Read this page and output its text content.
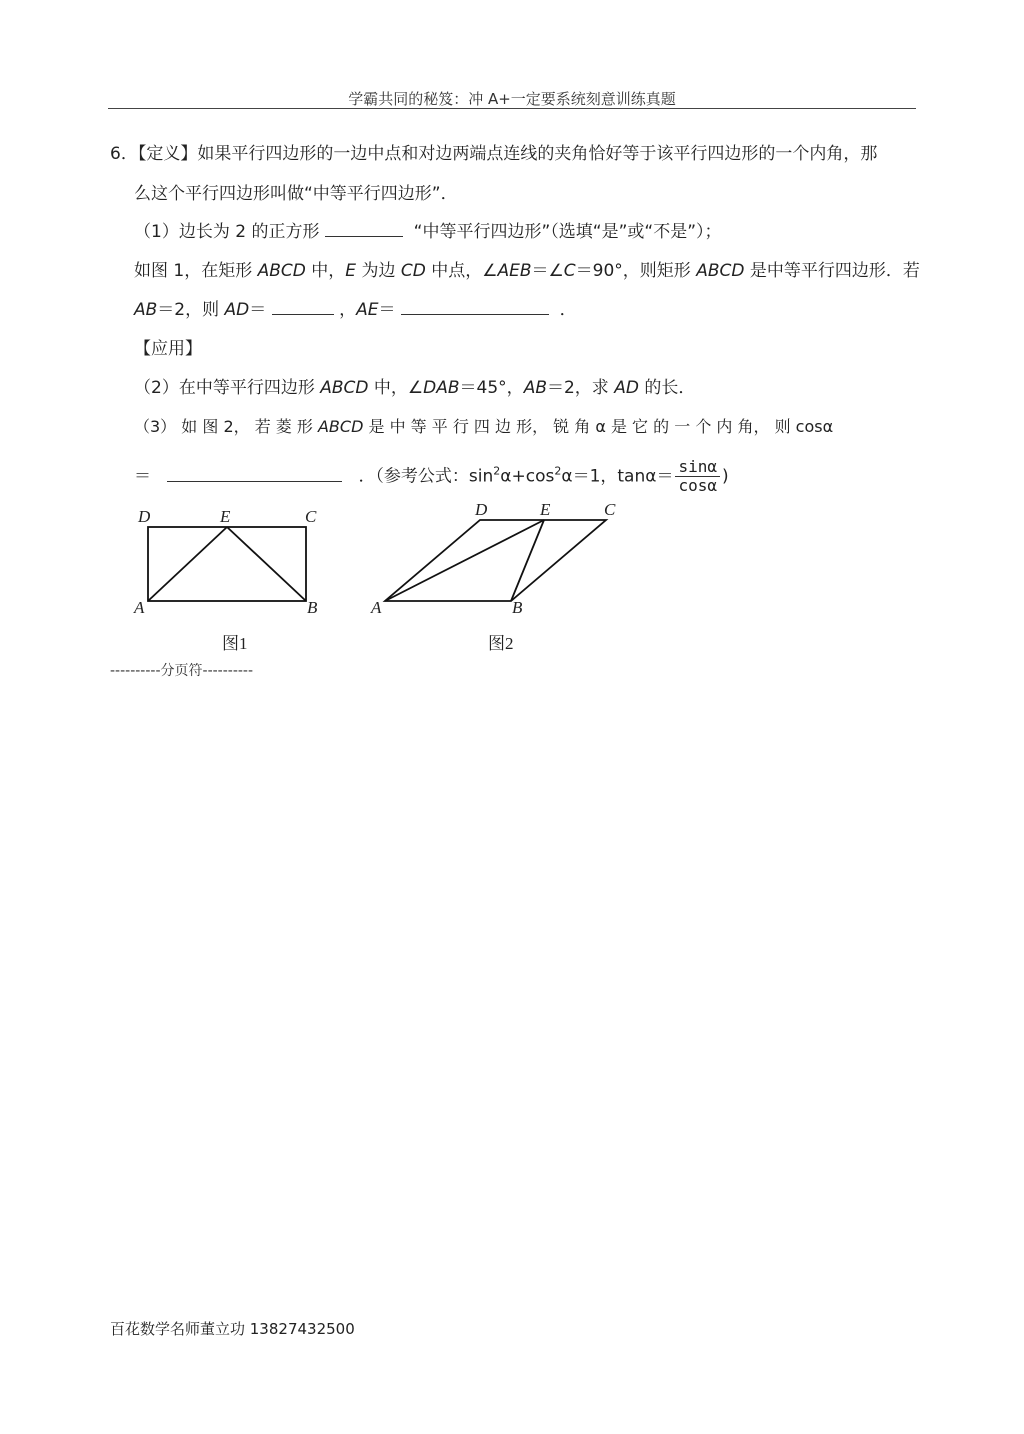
学霸共同的秘笈：冲 A+一定要系统刻意训练真题
6．【定义】如果平行四边形的一边中点和对边两端点连线的夹角恰好等于该平行四边形的一个内角，那
么这个平行四边形叫做“中等平行四边形”．
（1）边长为 2 的正方形	“中等平行四边形”（选填“是”或“不是”）；
如图 1，在矩形 ABCD 中，E 为边 CD 中点，∠AEB＝∠C＝90°，则矩形 ABCD 是中等平行四边形．若
AB＝2，则 AD＝	，AE＝	．
【应用】
（2）在中等平行四边形 ABCD 中，∠DAB＝45°，AB＝2，求 AD 的长．
（3） 如 图 2， 若 菱 形 ABCD 是 中 等 平 行 四 边 形， 锐 角 α 是 它 的 一 个 内 角， 则 cosα
＝	．（参考公式：$\sin^2\alpha+\cos^2\alpha=1$，$\tan\alpha= \frac{\sin\alpha}{\cos\alpha}$ )
D	E	C
A	B
图1
D	E	C
A	B
图2
----------分页符----------
百花数学名师董立功 13827432500
